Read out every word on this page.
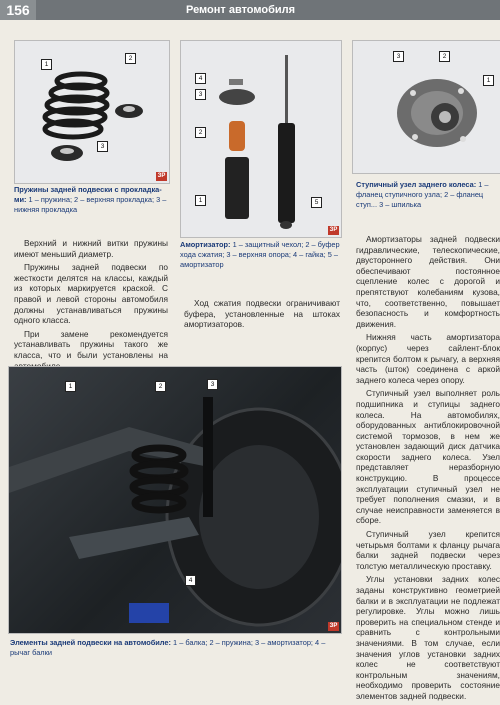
156	Ремонт автомобиля
1
2
3
ЗР
Пружины задней подвески с прокладка-ми: 1 – пружина; 2 – верхняя прокладка; 3 – нижняя прокладка

Верхний и нижний витки пружины имеют меньший диаметр.

Пружины задней подвески по жесткости делятся на классы, каждый из которых маркируется краской. С правой и левой стороны автомобиля должны устанавливаться пружины одного класса.

При замене рекомендуется устанавливать пружины такого же класса, что и были установлены на

4
3
2
1	5
ЗР
Амортизатор: 1 – защитный чехол; 2 – буфер хода сжатия; 3 – верхняя опора; 4 – гайка; 5 – амортизатор

Ход сжатия подвески ограничивают буфера, установленные на штоках амортизаторов.

3	2
1
Ступичный узел заднего колеса: 1 – фланец ступичного узла; 2 – фланец ступ... 3 – шпилька

Амортизаторы задней подвески гидравлические, телескопические, двустороннего действия. Они обеспечивают постоянное сцепление колес с дорогой и препятствуют колебаниям кузова, что, соответственно, повышает безопасность и комфортность движения.

Нижняя часть амортизатора (корпус) через сайлент-блок крепится болтом к рычагу, а верхняя часть (шток) соединена с аркой заднего колеса через опору.

Ступичный узел выполняет роль подшипника и ступицы заднего колеса. На автомобилях, оборудованных антиблокировочной системой тормозов, в нем же установлен задающий диск датчика скорости заднего колеса. Узел представляет неразборную конструкцию. В процессе эксплуатации ступичный узел не требует пополнения смазки, и в случае неисправности заменяется в сборе.

Ступичный узел крепится четырьмя болтами к фланцу рычага балки задней подвески через толстую металлическую проставку.

Углы установки задних колес заданы конструктивно геометрией балки и в эксплуатации не подлежат регулировке. Углы можно лишь проверить на специальном стенде и сравнить с контрольными значениями. В том случае, если значения углов установки задних колес не соответствуют контрольным значениям, необходимо проверить состояние элементов задней подвески.

3
2
1
4
ЗР
Элементы задней подвески на автомобиле: 1 – балка; 2 – пружина; 3 – амортизатор; 4 – рычаг балки
